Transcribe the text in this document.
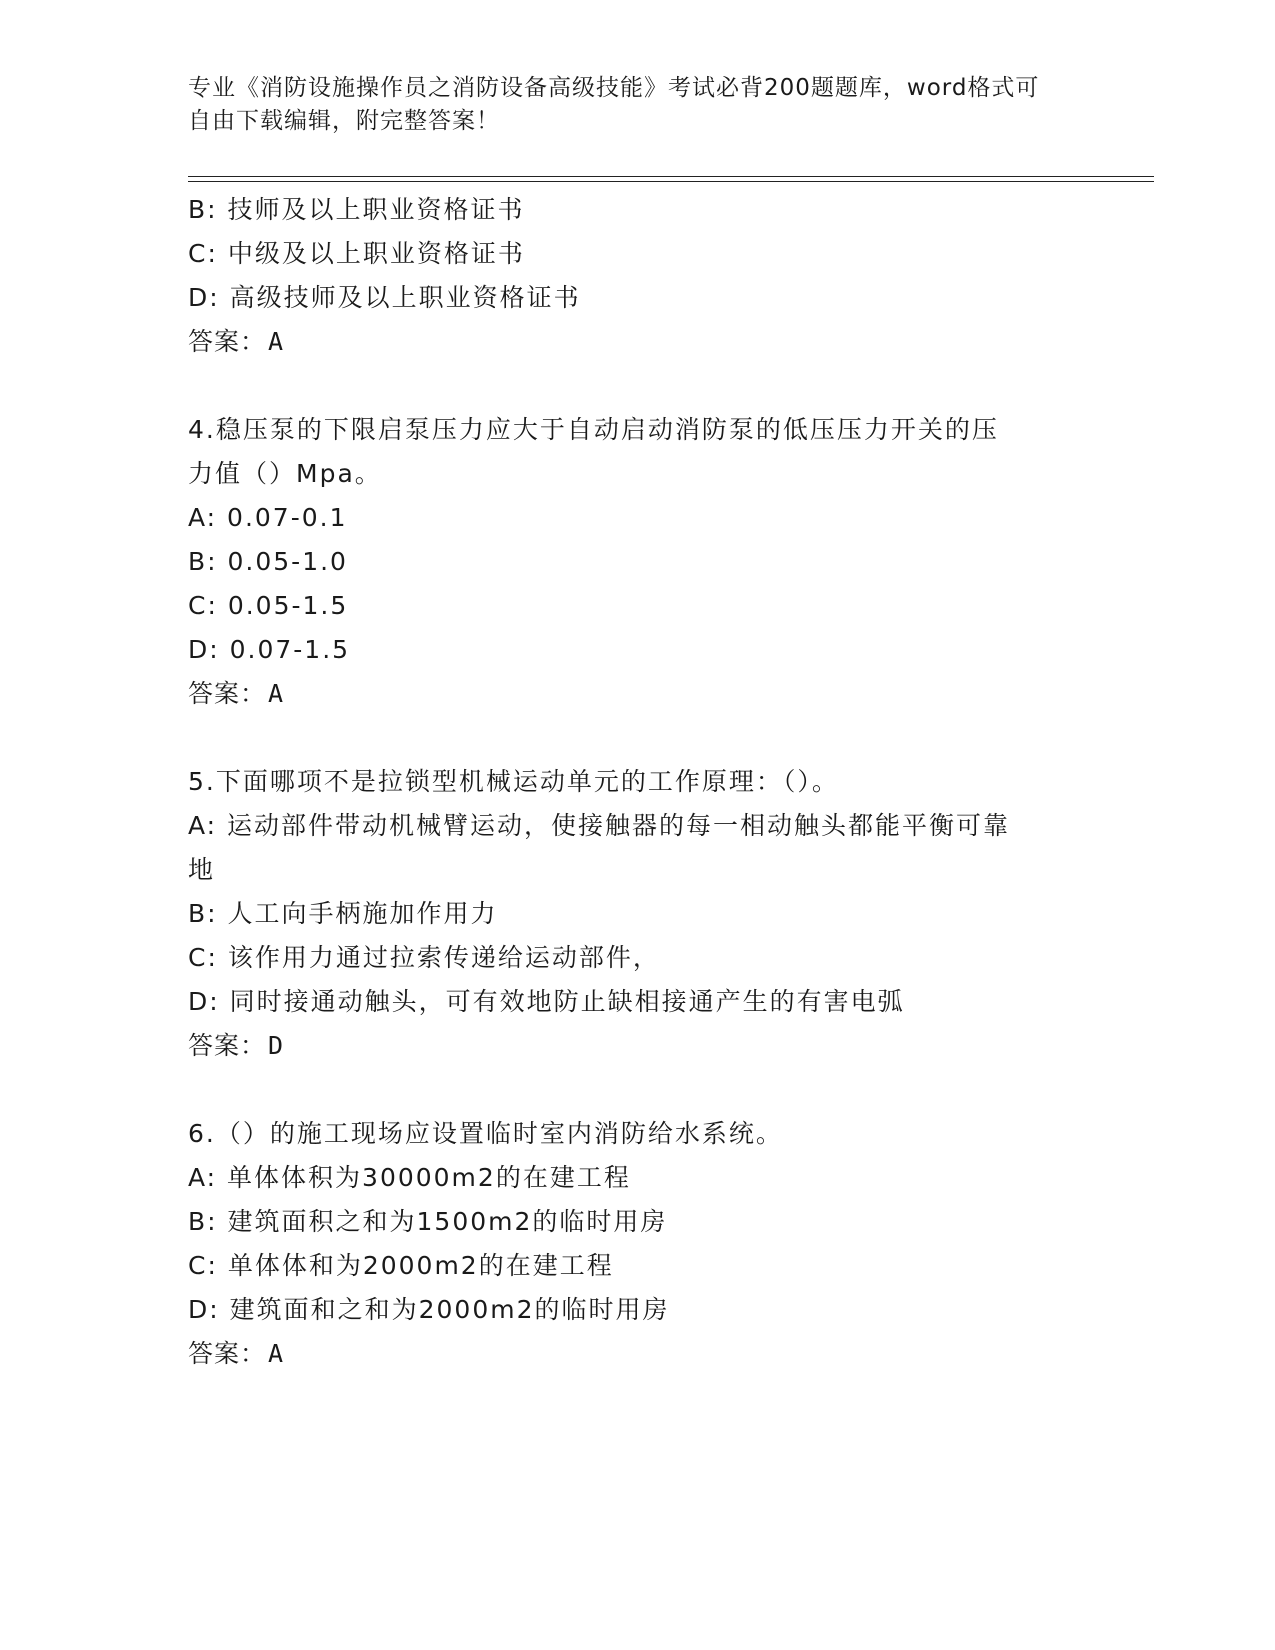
专业《消防设施操作员之消防设备高级技能》考试必背200题题库，word格式可
自由下载编辑，附完整答案！
B: 技师及以上职业资格证书
C: 中级及以上职业资格证书
D: 高级技师及以上职业资格证书
答案：A
4.稳压泵的下限启泵压力应大于自动启动消防泵的低压压力开关的压
力值（）Mpa。
A: 0.07-0.1
B: 0.05-1.0
C: 0.05-1.5
D: 0.07-1.5
答案：A
5.下面哪项不是拉锁型机械运动单元的工作原理：（）。
A: 运动部件带动机械臂运动，使接触器的每一相动触头都能平衡可靠
地
B: 人工向手柄施加作用力
C: 该作用力通过拉索传递给运动部件，
D: 同时接通动触头，可有效地防止缺相接通产生的有害电弧
答案：D
6.（）的施工现场应设置临时室内消防给水系统。
A: 单体体积为30000m2的在建工程
B: 建筑面积之和为1500m2的临时用房
C: 单体体和为2000m2的在建工程
D: 建筑面和之和为2000m2的临时用房
答案：A
